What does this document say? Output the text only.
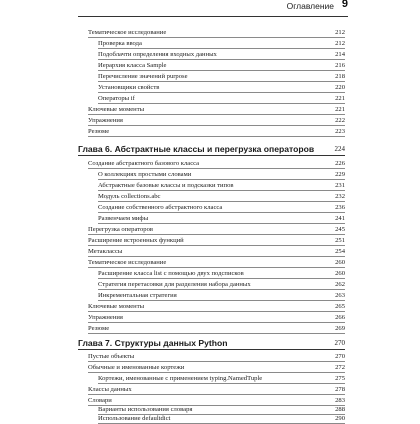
Оглавление 9
Тематическое исследование	212
Проверка ввода	212
Подоблачти определения входных данных	214
Иерархия класса Sample	216
Перечисление значений purpose	218
Установщики свойств	220
Операторы if	221
Ключевые моменты	221
Упражнения	222
Резюме	223
Глава 6. Абстрактные классы и перегрузка операторов	224
Создание абстрактного базового класса	226
О коллекциях простыми словами	229
Абстрактные базовые классы и подсказки типов	231
Модуль collections.abc	232
Создание собственного абстрактного класса	236
Развенчаем мифы	241
Перегрузка операторов	245
Расширение встроенных функций	251
Метаклассы	254
Тематическое исследование	260
Расширение класса list с помощью двух подсписков	260
Стратегия перетасовки для разделения набора данных	262
Инкрементальная стратегия	263
Ключевые моменты	265
Упражнения	266
Резюме	269
Глава 7. Структуры данных Python	270
Пустые объекты	270
Обычные и именованные кортежи	272
Кортежи, именованные с применением typing.NamedTuple	275
Классы данных	278
Словари	283
Варианты использования словаря	288
Использование defaultdict	290
